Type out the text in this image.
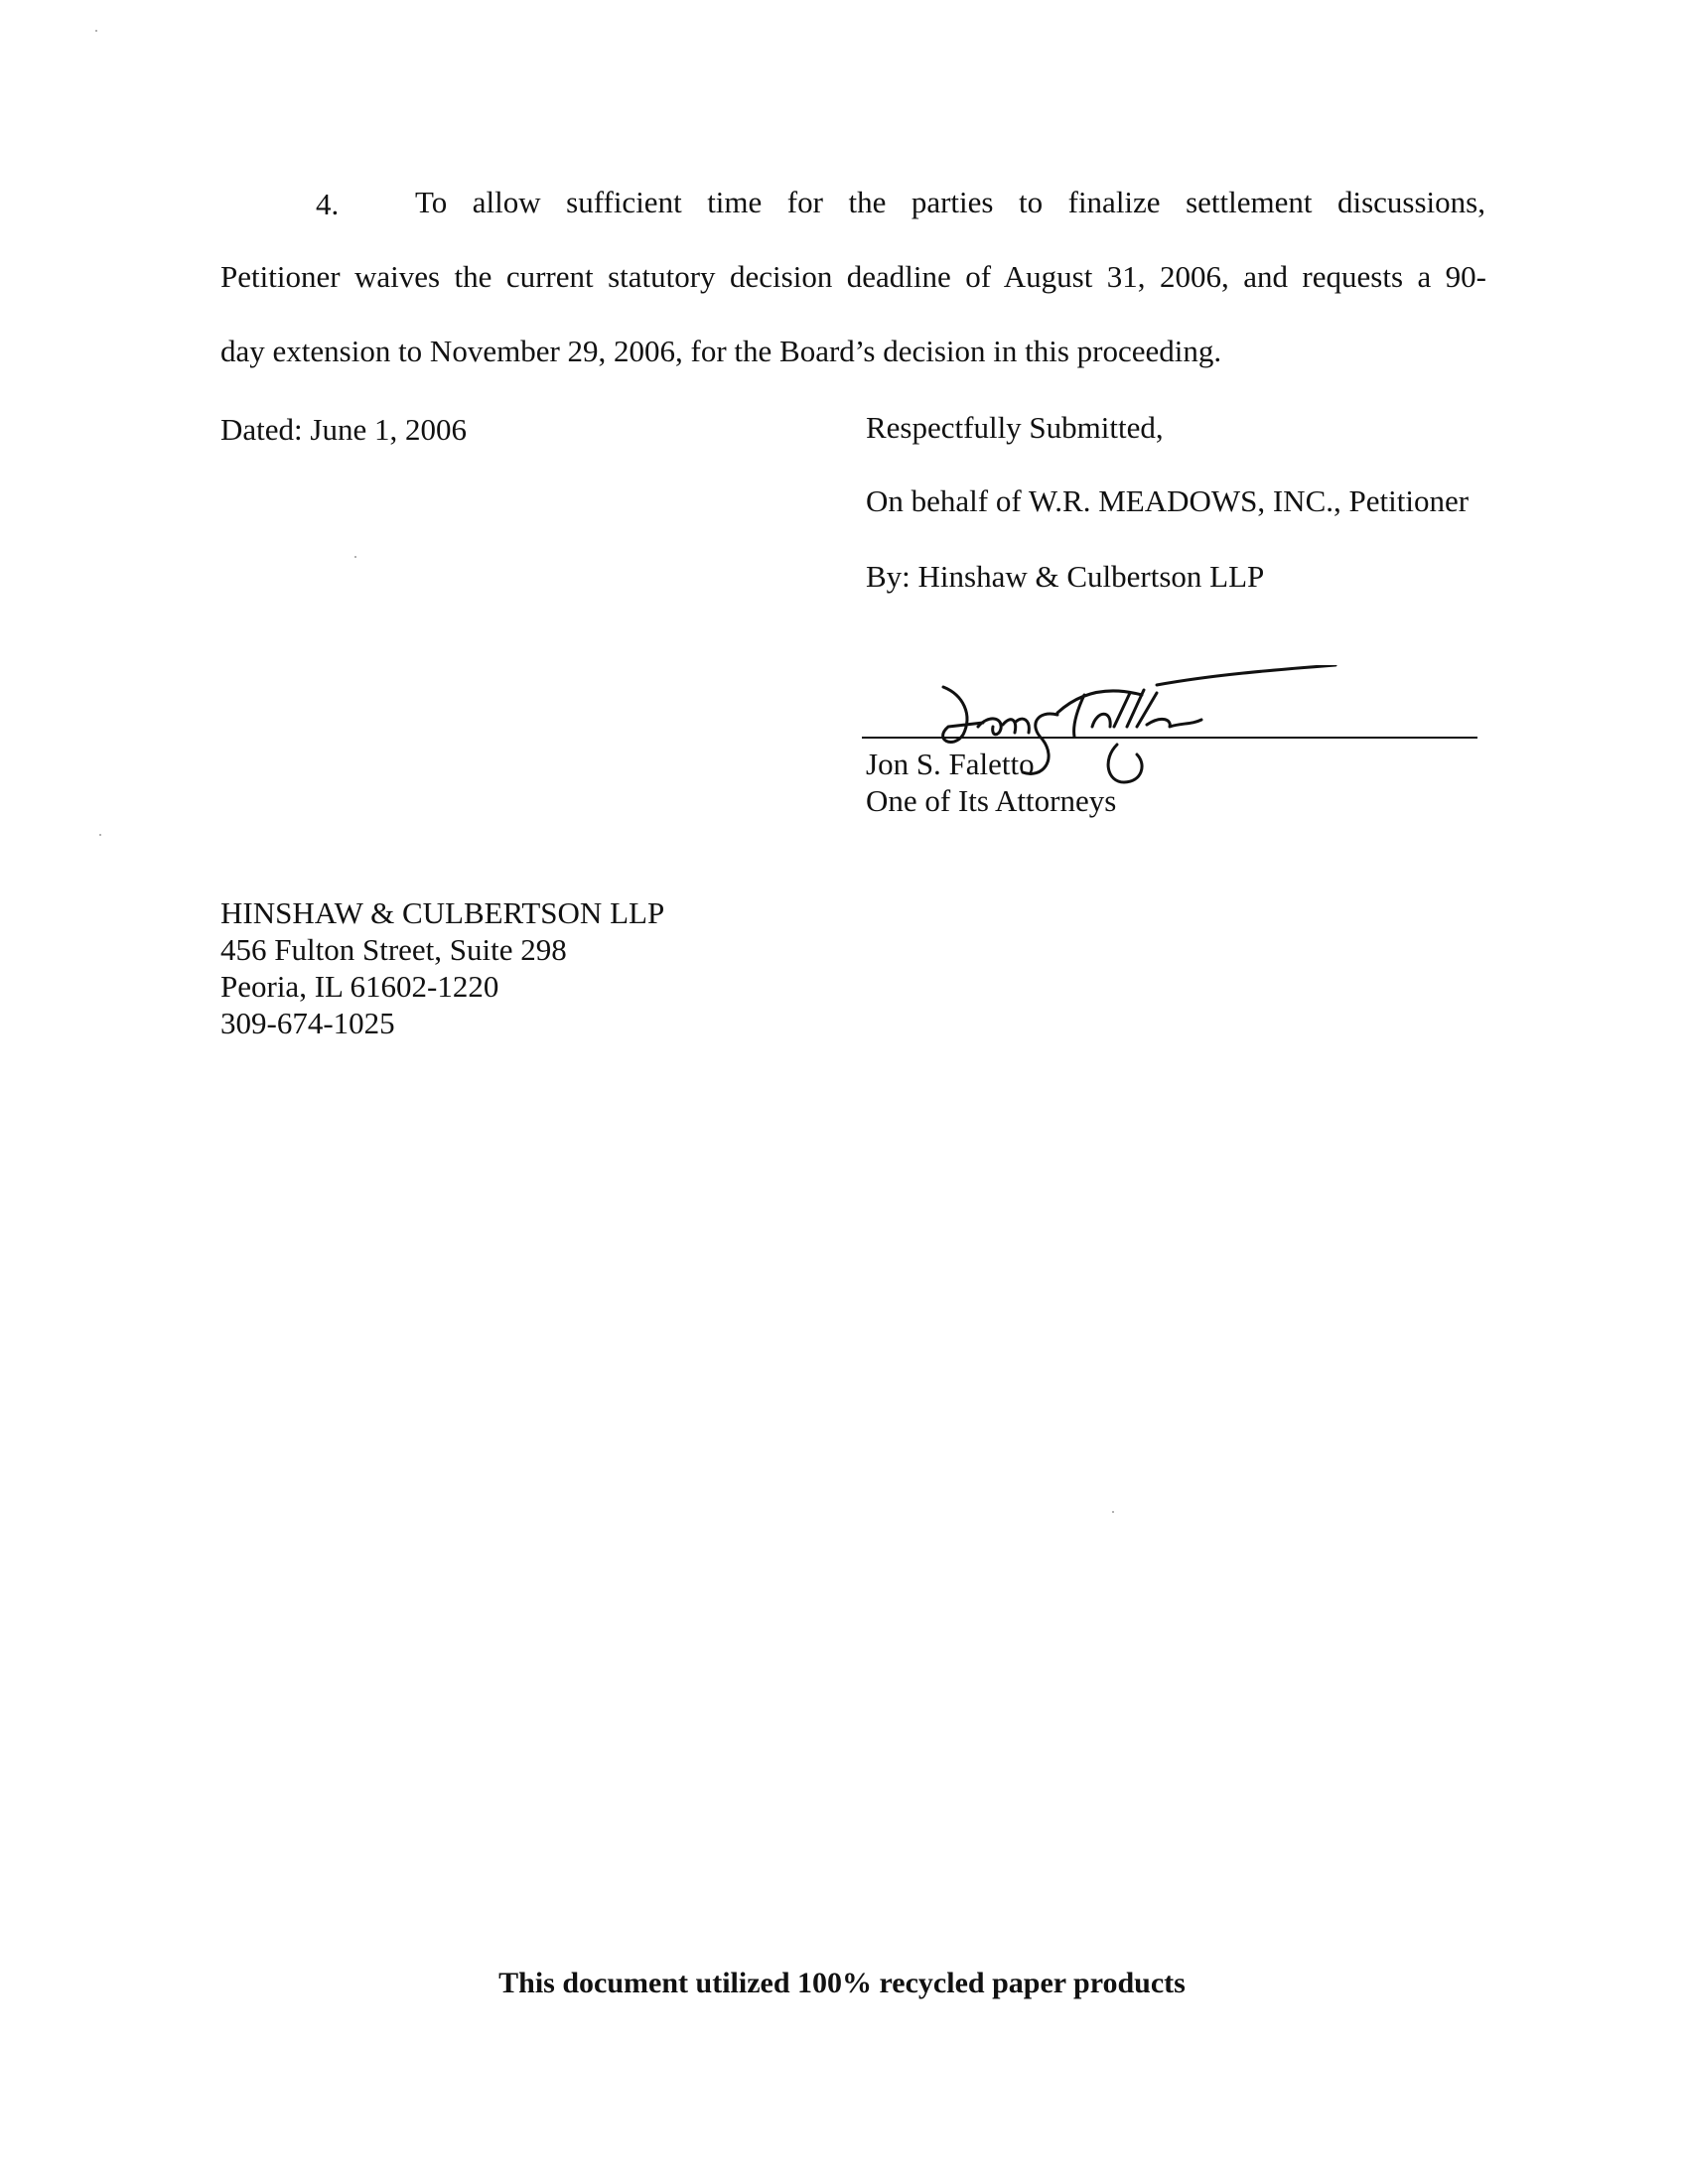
4. To allow sufficient time for the parties to finalize settlement discussions,
Petitioner waives the current statutory decision deadline of August 31, 2006, and requests a 90-
day extension to November 29, 2006, for the Board’s decision in this proceeding.
Dated: June 1, 2006	Respectfully Submitted,
On behalf of W.R. MEADOWS, INC., Petitioner
By: Hinshaw & Culbertson LLP
Jon S. Faletto
One of Its Attorneys
HINSHAW & CULBERTSON LLP
456 Fulton Street, Suite 298
Peoria, IL 61602-1220
309-674-1025
This document utilized 100% recycled paper products
